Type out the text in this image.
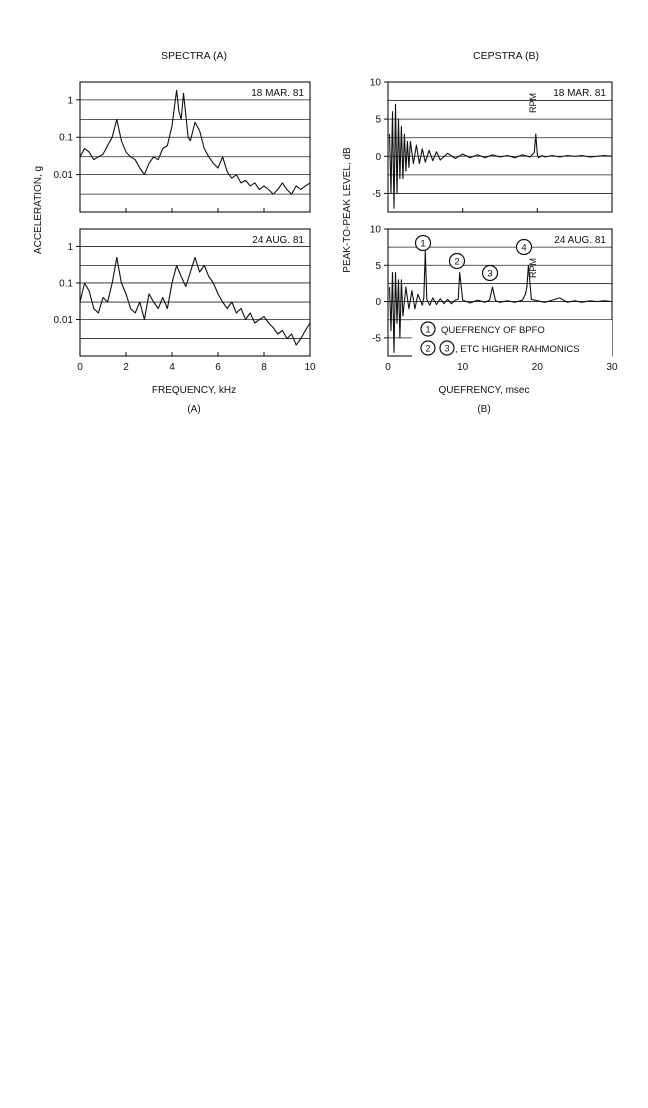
SPECTRA (A)	CEPSTRA (B)
ACCELERATION, g	PEAK-TO-PEAK LEVEL, dB
FREQUENCY, kHz
(A)
QUEFRENCY, msec
(B)
1
0.1
0.01
18 MAR. 81
0	2	4	6	8	10
1
0.1
0.01
24 AUG. 81
10
5
0
-5
18 MAR. 81
0	10	20	30
10
5
0
-5
24 AUG. 81
RPM
RPM
1
2
3
4
1 QUEFRENCY OF BPFO
2 3 , ETC HIGHER RAHMONICS
